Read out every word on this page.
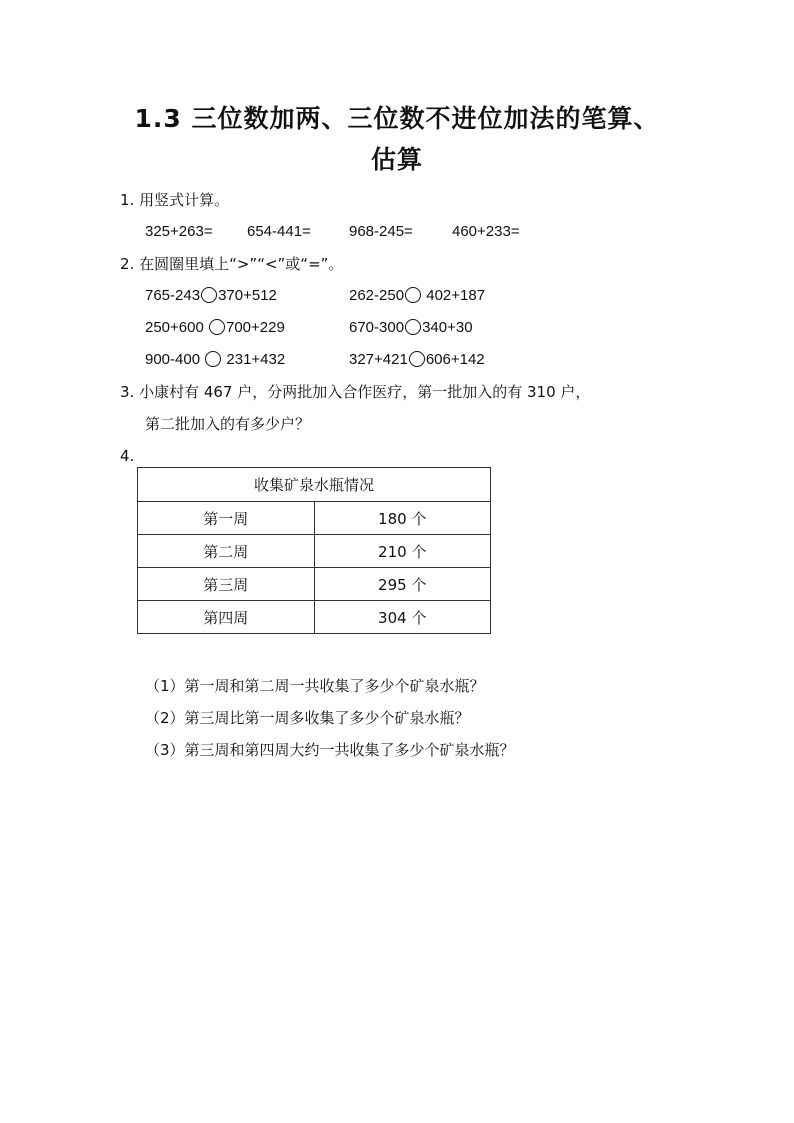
1.3 三位数加两、三位数不进位加法的笔算、
估算
1. 用竖式计算。
325+263= 654-441=	968-245=	460+233=
2. 在圆圈里填上“>”“<”或“=”。
765-243 370+512	262-250 402+187
250+600 700+229	670-300 340+30
900-400  231+432	327+421 606+142
3. 小康村有 467 户，分两批加入合作医疗，第一批加入的有 310 户，
第二批加入的有多少户？
4.
收集矿泉水瓶情况	
第一周	180 个
第二周	210 个
第三周	295 个
第四周	304 个
（1）第一周和第二周一共收集了多少个矿泉水瓶？
（2）第三周比第一周多收集了多少个矿泉水瓶？
（3）第三周和第四周大约一共收集了多少个矿泉水瓶？
